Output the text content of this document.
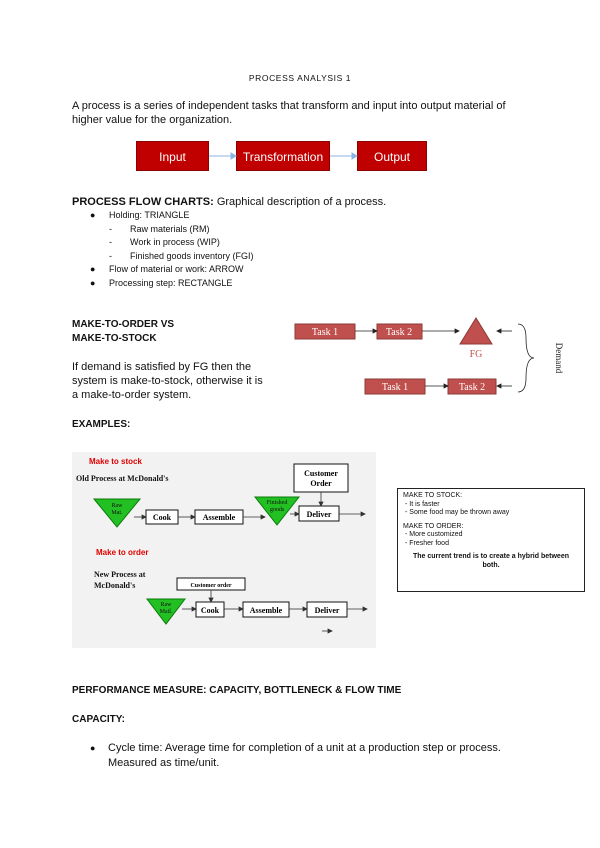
PROCESS ANALYSIS 1
A process is a series of independent tasks that transform and input into output material of
higher value for the organization.
Input	Transformation	Output
PROCESS FLOW CHARTS: Graphical description of a process.
● Holding: TRIANGLE
- Raw materials (RM)
- Work in process (WIP)
- Finished goods inventory (FGI)
● Flow of material or work: ARROW
● Processing step: RECTANGLE
MAKE-TO-ORDER VS
MAKE-TO-STOCK
If demand is satisfied by FG then the
system is make-to-stock, otherwise it is
a make-to-order system.
Task 1	Task 2
Task 1	Task 2
FG	Demand
EXAMPLES:
Make to stock
Make to order
Old Process at McDonald's
New Process at
McDonald's
Raw
Mat.	Cook	Assemble
Finished
goods
Customer
Order
Deliver
Customer order
Raw
Matl.	Cook	Assemble	Deliver
MAKE TO STOCK:
- It is faster
- Some food may be thrown away
MAKE TO ORDER:
- More customized
- Fresher food
The current trend is to create a hybrid between
both.
PERFORMANCE MEASURE: CAPACITY, BOTTLENECK & FLOW TIME
CAPACITY:
● Cycle time: Average time for completion of a unit at a production step or process.
Measured as time/unit.
